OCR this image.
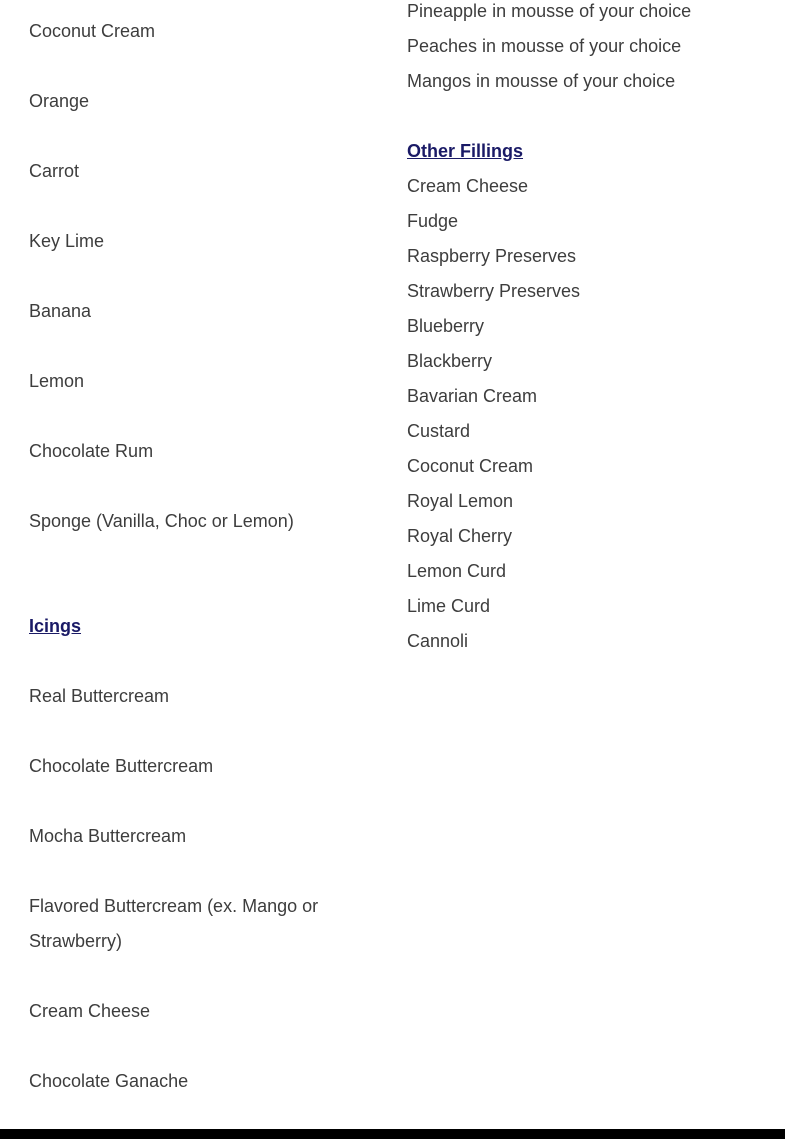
Coconut Cream
Orange
Carrot
Key Lime
Banana
Lemon
Chocolate Rum
Sponge (Vanilla, Choc or Lemon)
Icings
Real Buttercream
Chocolate Buttercream
Mocha Buttercream
Flavored Buttercream (ex. Mango or Strawberry)
Cream Cheese
Chocolate Ganache
Pineapple in mousse of your choice
Peaches in mousse of your choice
Mangos in mousse of your choice
Other Fillings
Cream Cheese
Fudge
Raspberry Preserves
Strawberry Preserves
Blueberry
Blackberry
Bavarian Cream
Custard
Coconut Cream
Royal Lemon
Royal Cherry
Lemon Curd
Lime Curd
Cannoli
